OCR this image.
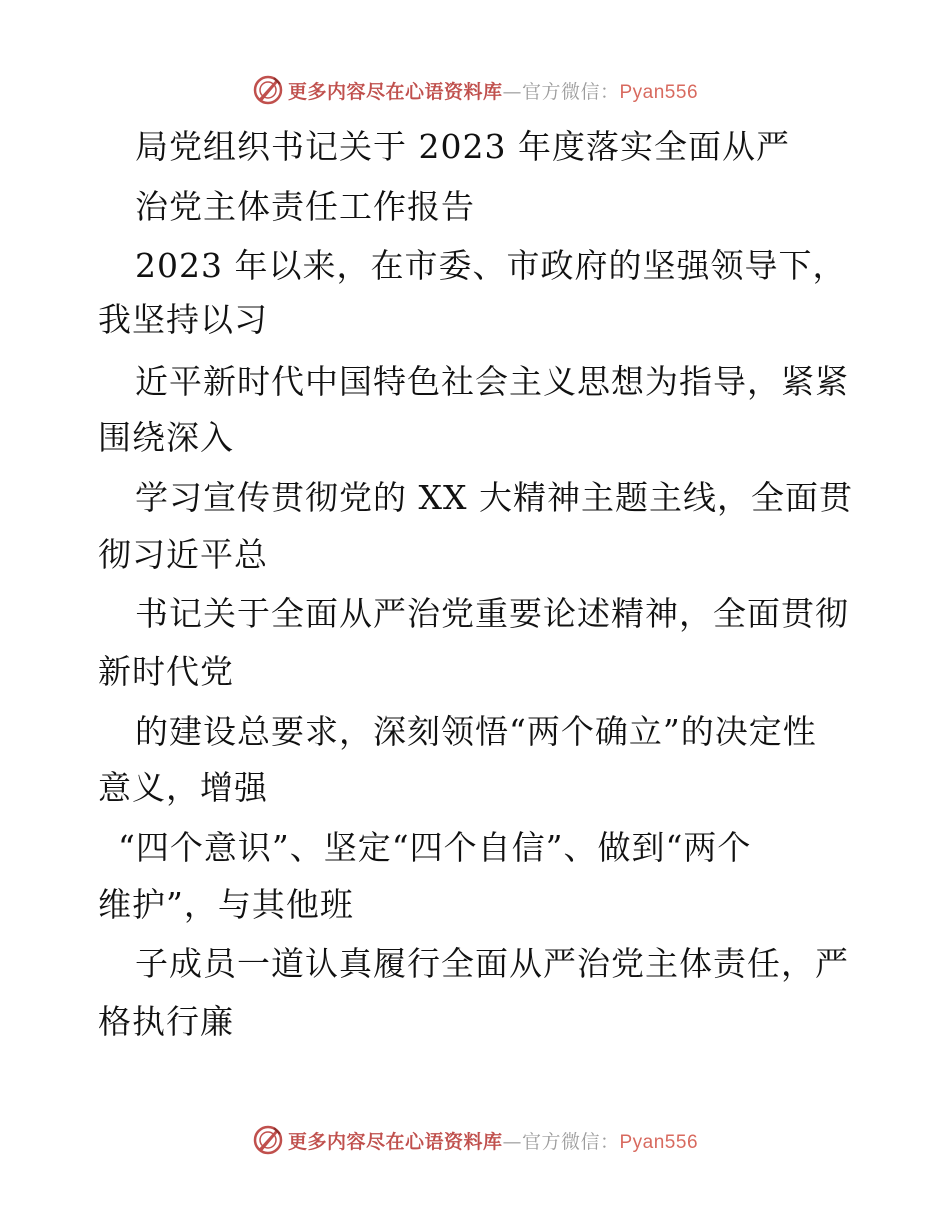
更多内容尽在心语资料库—官方微信：Pyan556
局党组织书记关于 2023 年度落实全面从严
治党主体责任工作报告
2023 年以来，在市委、市政府的坚强领导下，
我坚持以习
近平新时代中国特色社会主义思想为指导，紧紧
围绕深入
学习宣传贯彻党的 XX 大精神主题主线，全面贯
彻习近平总
书记关于全面从严治党重要论述精神，全面贯彻
新时代党
的建设总要求，深刻领悟“两个确立”的决定性
意义，增强
“四个意识”、坚定“四个自信”、做到“两个
维护”，与其他班
子成员一道认真履行全面从严治党主体责任，严
格执行廉
更多内容尽在心语资料库—官方微信：Pyan556
